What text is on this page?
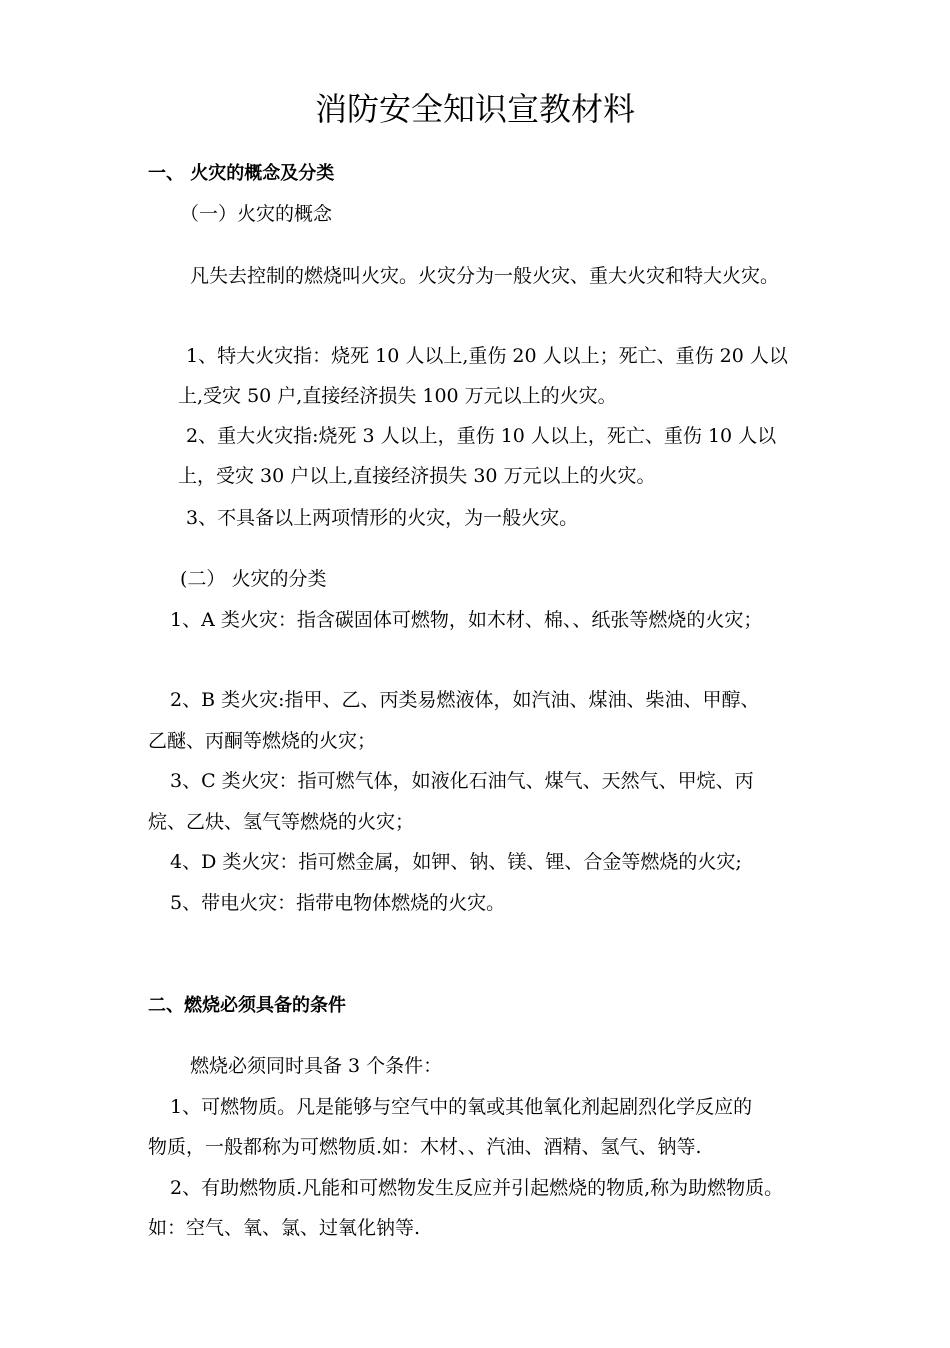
消防安全知识宣教材料
一、 火灾的概念及分类
（一）火灾的概念
凡失去控制的燃烧叫火灾。火灾分为一般火灾、重大火灾和特大火灾。
1、特大火灾指：烧死 10 人以上,重伤 20 人以上；死亡、重伤 20 人以
上,受灾 50 户,直接经济损失 100 万元以上的火灾。
2、重大火灾指:烧死 3 人以上，重伤 10 人以上，死亡、重伤 10 人以
上，受灾 30 户以上,直接经济损失 30 万元以上的火灾。
3、不具备以上两项情形的火灾，为一般火灾。
(二） 火灾的分类
1、A 类火灾：指含碳固体可燃物，如木材、棉、、纸张等燃烧的火灾；
2、B 类火灾:指甲、乙、丙类易燃液体，如汽油、煤油、柴油、甲醇、
乙醚、丙酮等燃烧的火灾；
3、C 类火灾：指可燃气体，如液化石油气、煤气、天然气、甲烷、丙
烷、乙炔、氢气等燃烧的火灾；
4、D 类火灾：指可燃金属，如钾、钠、镁、锂、合金等燃烧的火灾;
5、带电火灾：指带电物体燃烧的火灾。
二、燃烧必须具备的条件
燃烧必须同时具备 3 个条件：
1、可燃物质。凡是能够与空气中的氧或其他氧化剂起剧烈化学反应的
物质，一般都称为可燃物质.如：木材、、汽油、酒精、氢气、钠等.
2、有助燃物质.凡能和可燃物发生反应并引起燃烧的物质,称为助燃物质。
如：空气、氧、氯、过氧化钠等.
